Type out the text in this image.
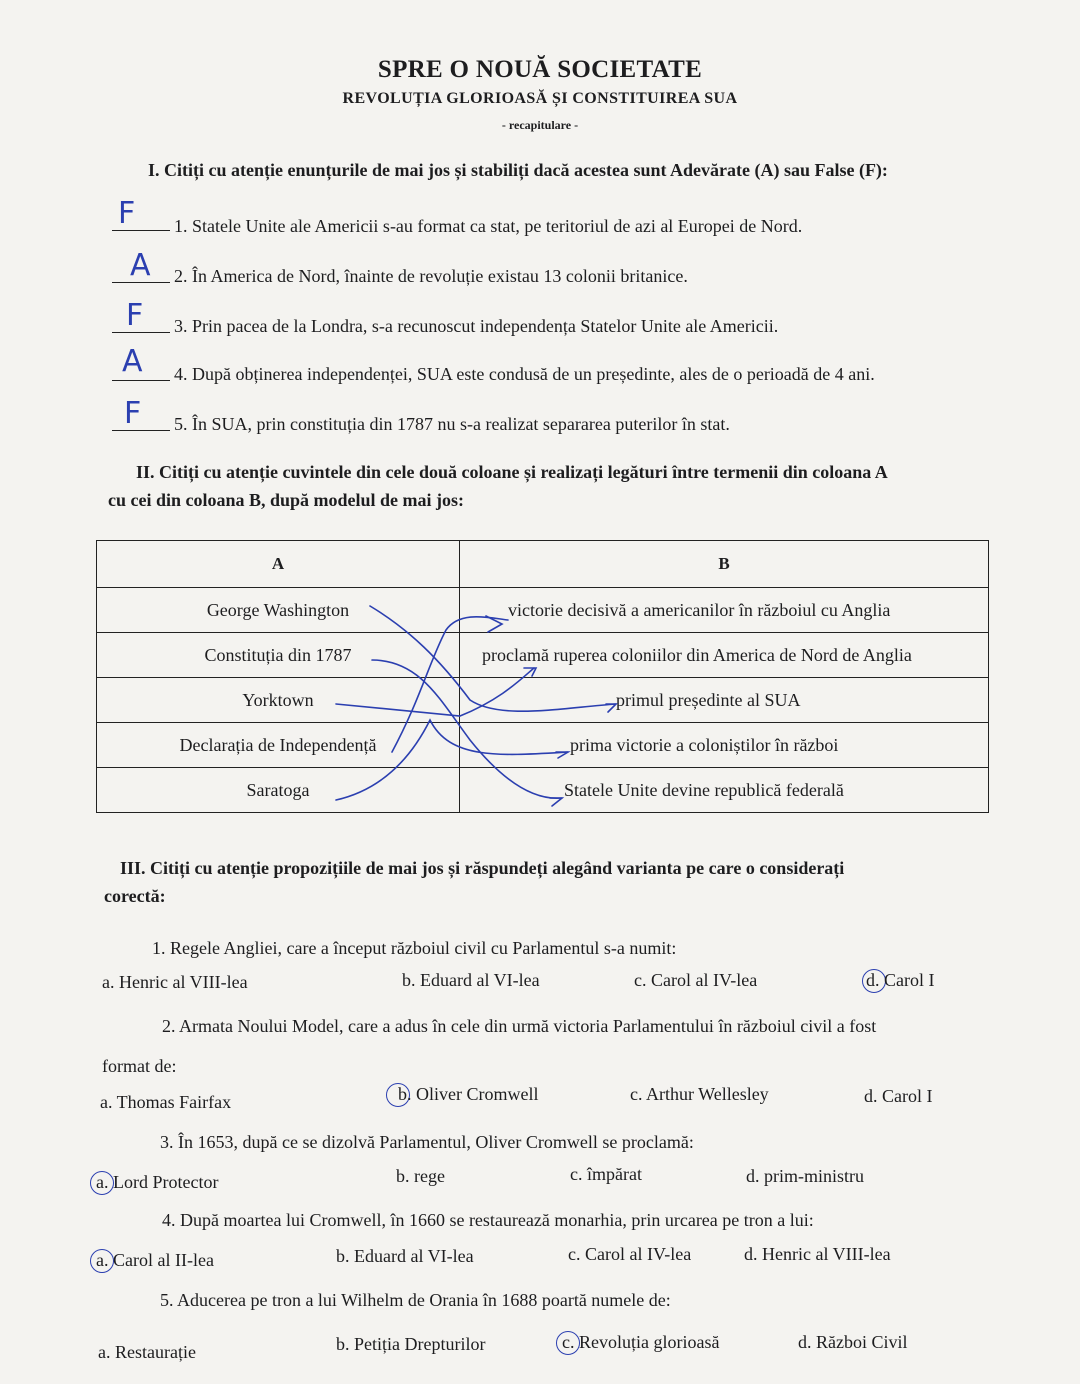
SPRE O NOUĂ SOCIETATE
REVOLUȚIA GLORIOASĂ ȘI CONSTITUIREA SUA
- recapitulare -
I. Citiți cu atenție enunțurile de mai jos și stabiliți dacă acestea sunt Adevărate (A) sau False (F):
F 1. Statele Unite ale Americii s-au format ca stat, pe teritoriul de azi al Europei de Nord.
A 2. În America de Nord, înainte de revoluție existau 13 colonii britanice.
F 3. Prin pacea de la Londra, s-a recunoscut independența Statelor Unite ale Americii.
A 4. După obținerea independenței, SUA este condusă de un președinte, ales de o perioadă de 4 ani.
F 5. În SUA, prin constituția din 1787 nu s-a realizat separarea puterilor în stat.
II. Citiți cu atenție cuvintele din cele două coloane și realizați legături între termenii din coloana A
cu cei din coloana B, după modelul de mai jos:
A	B
George Washington	victorie decisivă a americanilor în războiul cu Anglia
Constituția din 1787	proclamă ruperea coloniilor din America de Nord de Anglia
Yorktown	primul președinte al SUA
Declarația de Independență	prima victorie a coloniștilor în război
Saratoga	Statele Unite devine republică federală
III. Citiți cu atenție propozițiile de mai jos și răspundeți alegând varianta pe care o considerați
corectă:
1. Regele Angliei, care a început războiul civil cu Parlamentul s-a numit:
a. Henric al VIII-lea	b. Eduard al VI-lea	c. Carol al IV-lea	d. Carol I
2. Armata Noului Model, care a adus în cele din urmă victoria Parlamentului în războiul civil a fost
format de:
a. Thomas Fairfax	b. Oliver Cromwell	c. Arthur Wellesley	d. Carol I
3. În 1653, după ce se dizolvă Parlamentul, Oliver Cromwell se proclamă:
a. Lord Protector	b. rege	c. împărat	d. prim-ministru
4. După moartea lui Cromwell, în 1660 se restaurează monarhia, prin urcarea pe tron a lui:
a. Carol al II-lea	b. Eduard al VI-lea	c. Carol al IV-lea	d. Henric al VIII-lea
5. Aducerea pe tron a lui Wilhelm de Orania în 1688 poartă numele de:
a. Restaurație	b. Petiția Drepturilor	c. Revoluția glorioasă	d. Război Civil
